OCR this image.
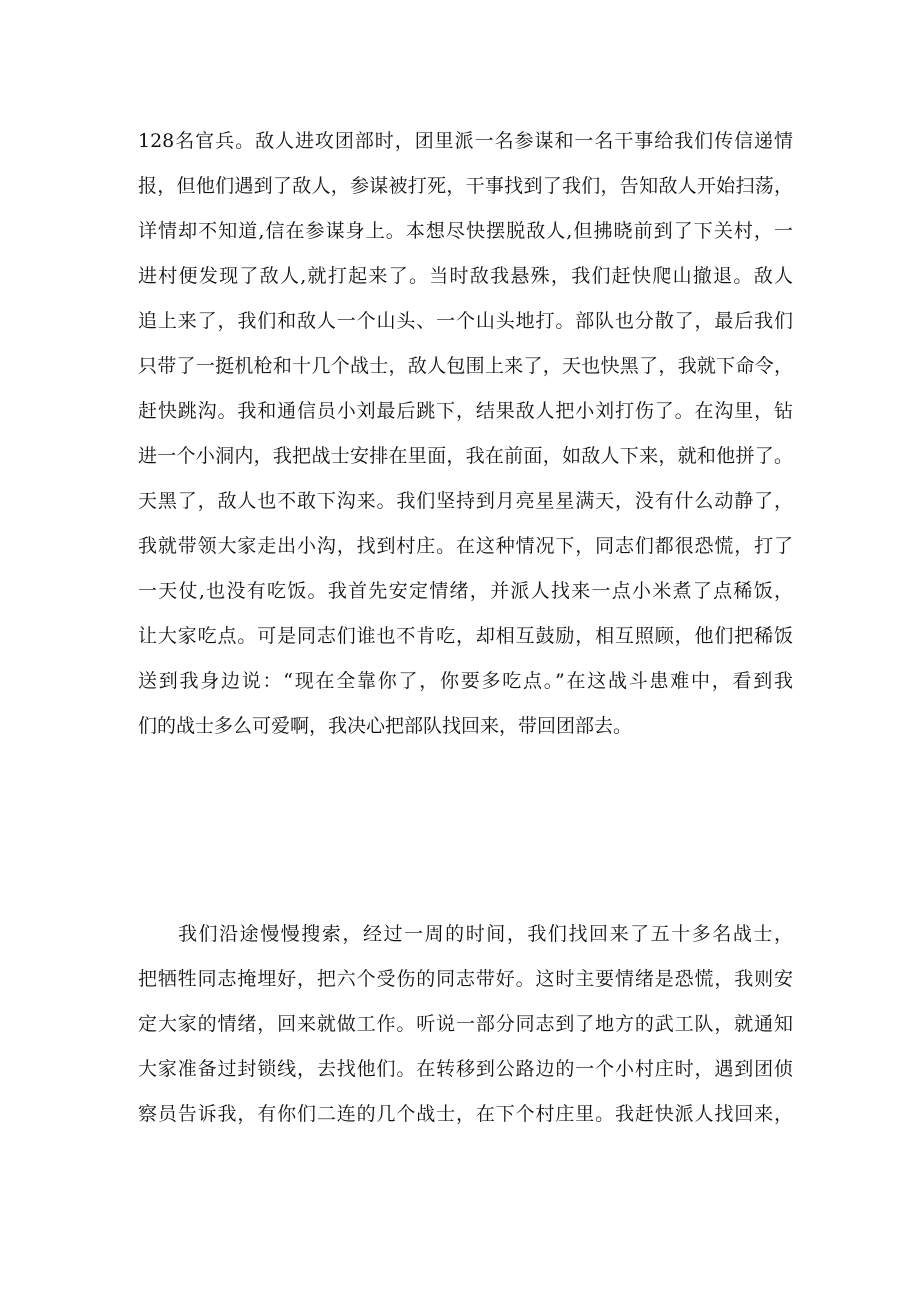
128名官兵。敌人进攻团部时，团里派一名参谋和一名干事给我们传信递情
报，但他们遇到了敌人，参谋被打死，干事找到了我们，告知敌人开始扫荡，
详情却不知道,信在参谋身上。本想尽快摆脱敌人,但拂晓前到了下关村，一
进村便发现了敌人,就打起来了。当时敌我悬殊，我们赶快爬山撤退。敌人
追上来了，我们和敌人一个山头、一个山头地打。部队也分散了，最后我们
只带了一挺机枪和十几个战士，敌人包围上来了，天也快黑了，我就下命令，
赶快跳沟。我和通信员小刘最后跳下，结果敌人把小刘打伤了。在沟里，钻
进一个小洞内，我把战士安排在里面，我在前面，如敌人下来，就和他拼了。
天黑了，敌人也不敢下沟来。我们坚持到月亮星星满天，没有什么动静了，
我就带领大家走出小沟，找到村庄。在这种情况下，同志们都很恐慌，打了
一天仗,也没有吃饭。我首先安定情绪，并派人找来一点小米煮了点稀饭，
让大家吃点。可是同志们谁也不肯吃，却相互鼓励，相互照顾，他们把稀饭
送到我身边说：“现在全靠你了，你要多吃点。”在这战斗患难中，看到我
们的战士多么可爱啊，我决心把部队找回来，带回团部去。
我们沿途慢慢搜索，经过一周的时间，我们找回来了五十多名战士，
把牺牲同志掩埋好，把六个受伤的同志带好。这时主要情绪是恐慌，我则安
定大家的情绪，回来就做工作。听说一部分同志到了地方的武工队，就通知
大家准备过封锁线，去找他们。在转移到公路边的一个小村庄时，遇到团侦
察员告诉我，有你们二连的几个战士，在下个村庄里。我赶快派人找回来，
